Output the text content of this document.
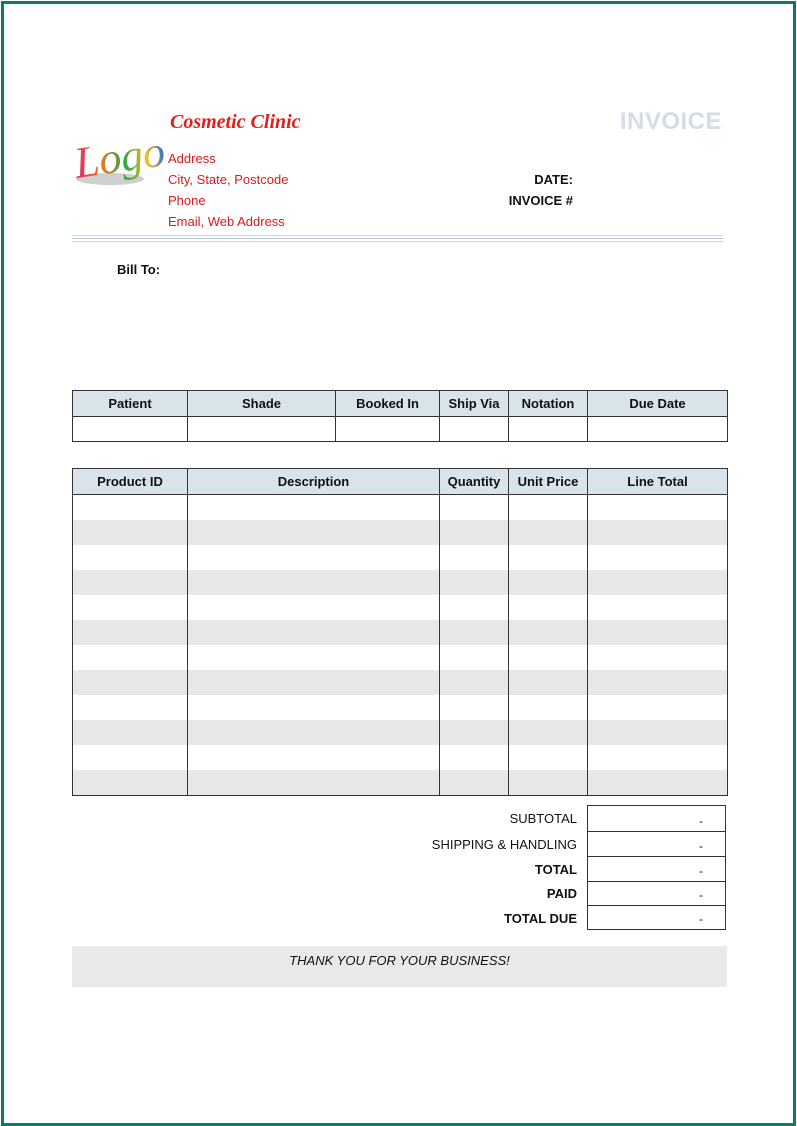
Logo
Cosmetic Clinic
Address
City, State, Postcode
Phone
Email, Web Address
INVOICE
DATE:
INVOICE #
Bill To:
Patient	Shade	Booked In	Ship Via	Notation	Due Date

Product ID	Description	Quantity	Unit Price	Line Total

SUBTOTAL	-
SHIPPING & HANDLING	-
TOTAL	-
PAID	-
TOTAL DUE	-
THANK YOU FOR YOUR BUSINESS!
